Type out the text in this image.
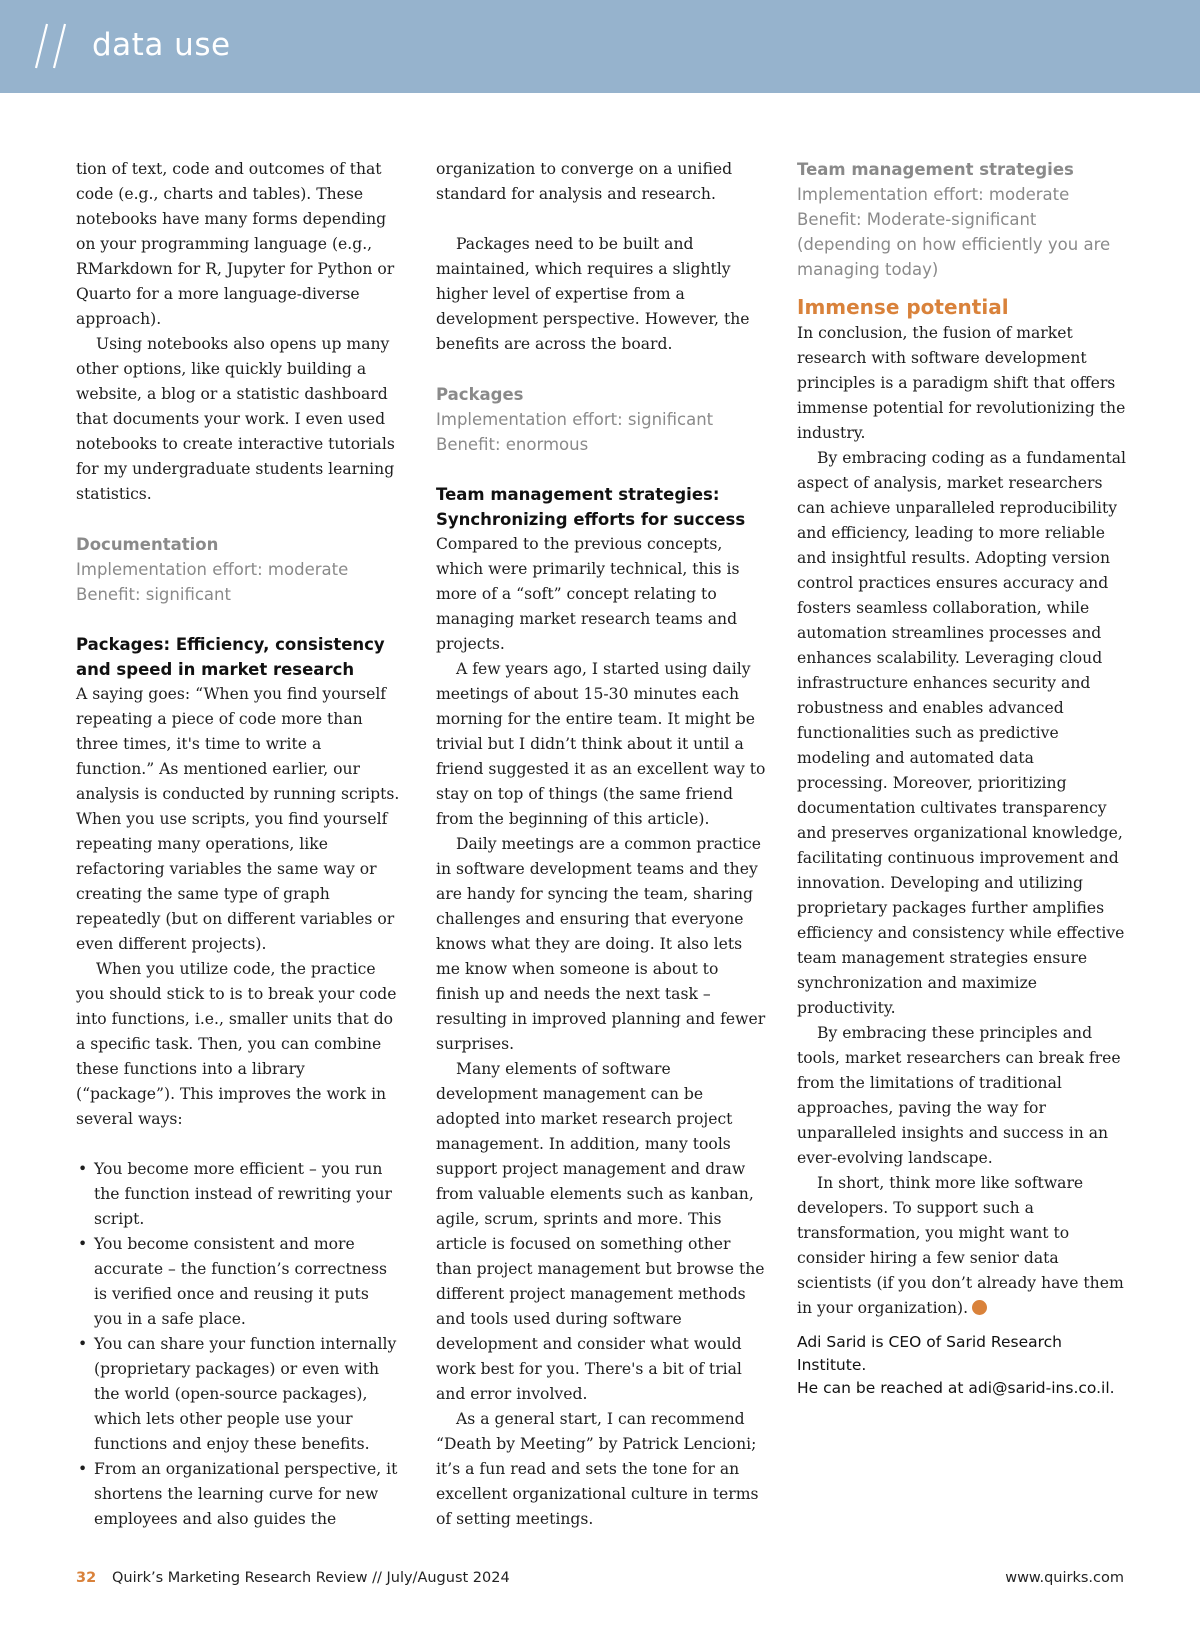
data use

tion of text, code and outcomes of that code (e.g., charts and tables). These notebooks have many forms depending on your programming language (e.g., RMarkdown for R, Jupyter for Python or Quarto for a more language-diverse approach).

Using notebooks also opens up many other options, like quickly building a website, a blog or a statistic dashboard that documents your work. I even used notebooks to create interactive tutorials for my undergraduate students learning statistics.

Documentation
Implementation effort: moderate
Benefit: significant
Packages: Efficiency, consistency and speed in market research

A saying goes: “When you find yourself repeating a piece of code more than three times, it's time to write a function.” As mentioned earlier, our analysis is conducted by running scripts. When you use scripts, you find yourself repeating many operations, like refactoring variables the same way or creating the same type of graph repeatedly (but on different variables or even different projects).

When you utilize code, the practice you should stick to is to break your code into functions, i.e., smaller units that do a specific task. Then, you can combine these functions into a library (“package”). This improves the work in several ways:

• You become more efficient – you run the function instead of rewriting your script.
• You become consistent and more accurate – the function’s correctness is verified once and reusing it puts you in a safe place.
• You can share your function internally (proprietary packages) or even with the world (open-source packages), which lets other people use your functions and enjoy these benefits.
• From an organizational perspective, it shortens the learning curve for new employees and also guides the

organization to converge on a unified standard for analysis and research.

Packages need to be built and maintained, which requires a slightly higher level of expertise from a development perspective. However, the benefits are across the board.

Packages
Implementation effort: significant
Benefit: enormous
Team management strategies: Synchronizing efforts for success

Compared to the previous concepts, which were primarily technical, this is more of a “soft” concept relating to managing market research teams and projects.

A few years ago, I started using daily meetings of about 15-30 minutes each morning for the entire team. It might be trivial but I didn’t think about it until a friend suggested it as an excellent way to stay on top of things (the same friend from the beginning of this article).

Daily meetings are a common practice in software development teams and they are handy for syncing the team, sharing challenges and ensuring that everyone knows what they are doing. It also lets me know when someone is about to finish up and needs the next task – resulting in improved planning and fewer surprises.

Many elements of software development management can be adopted into market research project management. In addition, many tools support project management and draw from valuable elements such as kanban, agile, scrum, sprints and more. This article is focused on something other than project management but browse the different project management methods and tools used during software development and consider what would work best for you. There's a bit of trial and error involved.

As a general start, I can recommend “Death by Meeting” by Patrick Lencioni; it’s a fun read and sets the tone for an excellent organizational culture in terms of setting meetings.

Team management strategies
Implementation effort: moderate
Benefit: Moderate-significant (depending on how efficiently you are managing today)
Immense potential

In conclusion, the fusion of market research with software development principles is a paradigm shift that offers immense potential for revolutionizing the industry.

By embracing coding as a fundamental aspect of analysis, market researchers can achieve unparalleled reproducibility and efficiency, leading to more reliable and insightful results. Adopting version control practices ensures accuracy and fosters seamless collaboration, while automation streamlines processes and enhances scalability. Leveraging cloud infrastructure enhances security and robustness and enables advanced functionalities such as predictive modeling and automated data processing. Moreover, prioritizing documentation cultivates transparency and preserves organizational knowledge, facilitating continuous improvement and innovation. Developing and utilizing proprietary packages further amplifies efficiency and consistency while effective team management strategies ensure synchronization and maximize productivity.

By embracing these principles and tools, market researchers can break free from the limitations of traditional approaches, paving the way for unparalleled insights and success in an ever-evolving landscape.

In short, think more like software developers. To support such a transformation, you might want to consider hiring a few senior data scientists (if you don’t already have them in your organization).	Q

Adi Sarid is CEO of Sarid Research Institute.
He can be reached at adi@sarid-ins.co.il.
32 Quirk’s Marketing Research Review // July/August 2024	www.quirks.com
